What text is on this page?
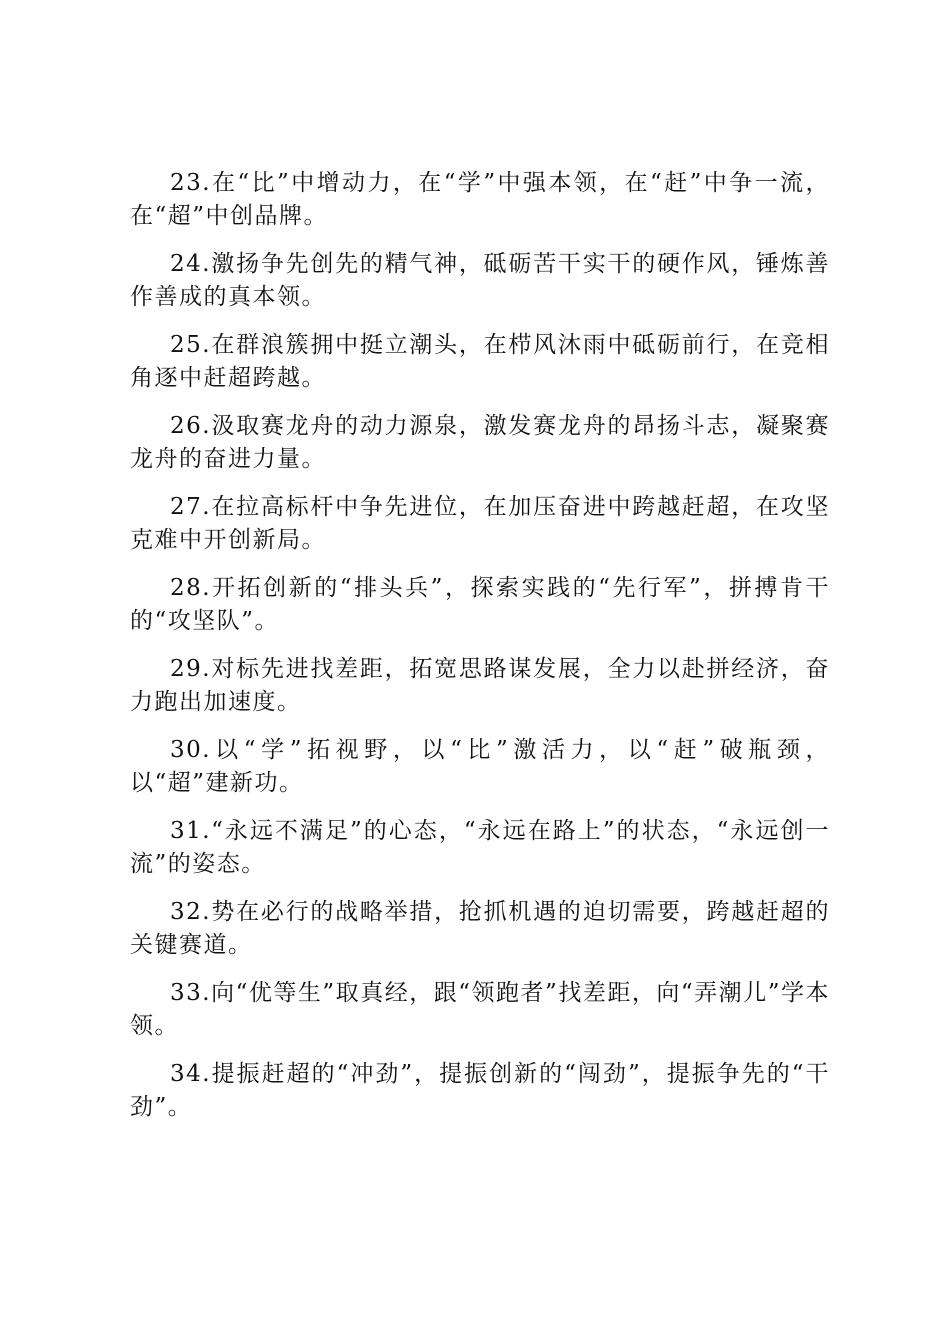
23.在“比”中增动力，在“学”中强本领，在“赶”中争一流，在“超”中创品牌。

24.激扬争先创先的精气神，砥砺苦干实干的硬作风，锤炼善作善成的真本领。

25.在群浪簇拥中挺立潮头，在栉风沐雨中砥砺前行，在竞相角逐中赶超跨越。

26.汲取赛龙舟的动力源泉，激发赛龙舟的昂扬斗志，凝聚赛龙舟的奋进力量。

27.在拉高标杆中争先进位，在加压奋进中跨越赶超，在攻坚克难中开创新局。

28.开拓创新的“排头兵”，探索实践的“先行军”，拼搏肯干的“攻坚队”。

29.对标先进找差距，拓宽思路谋发展，全力以赴拼经济，奋力跑出加速度。

30.以“学”拓视野，以“比”激活力，以“赶”破瓶颈，以“超”建新功。

31.“永远不满足”的心态，“永远在路上”的状态，“永远创一流”的姿态。

32.势在必行的战略举措，抢抓机遇的迫切需要，跨越赶超的关键赛道。

33.向“优等生”取真经，跟“领跑者”找差距，向“弄潮儿”学本领。

34.提振赶超的“冲劲”，提振创新的“闯劲”，提振争先的“干劲”。
